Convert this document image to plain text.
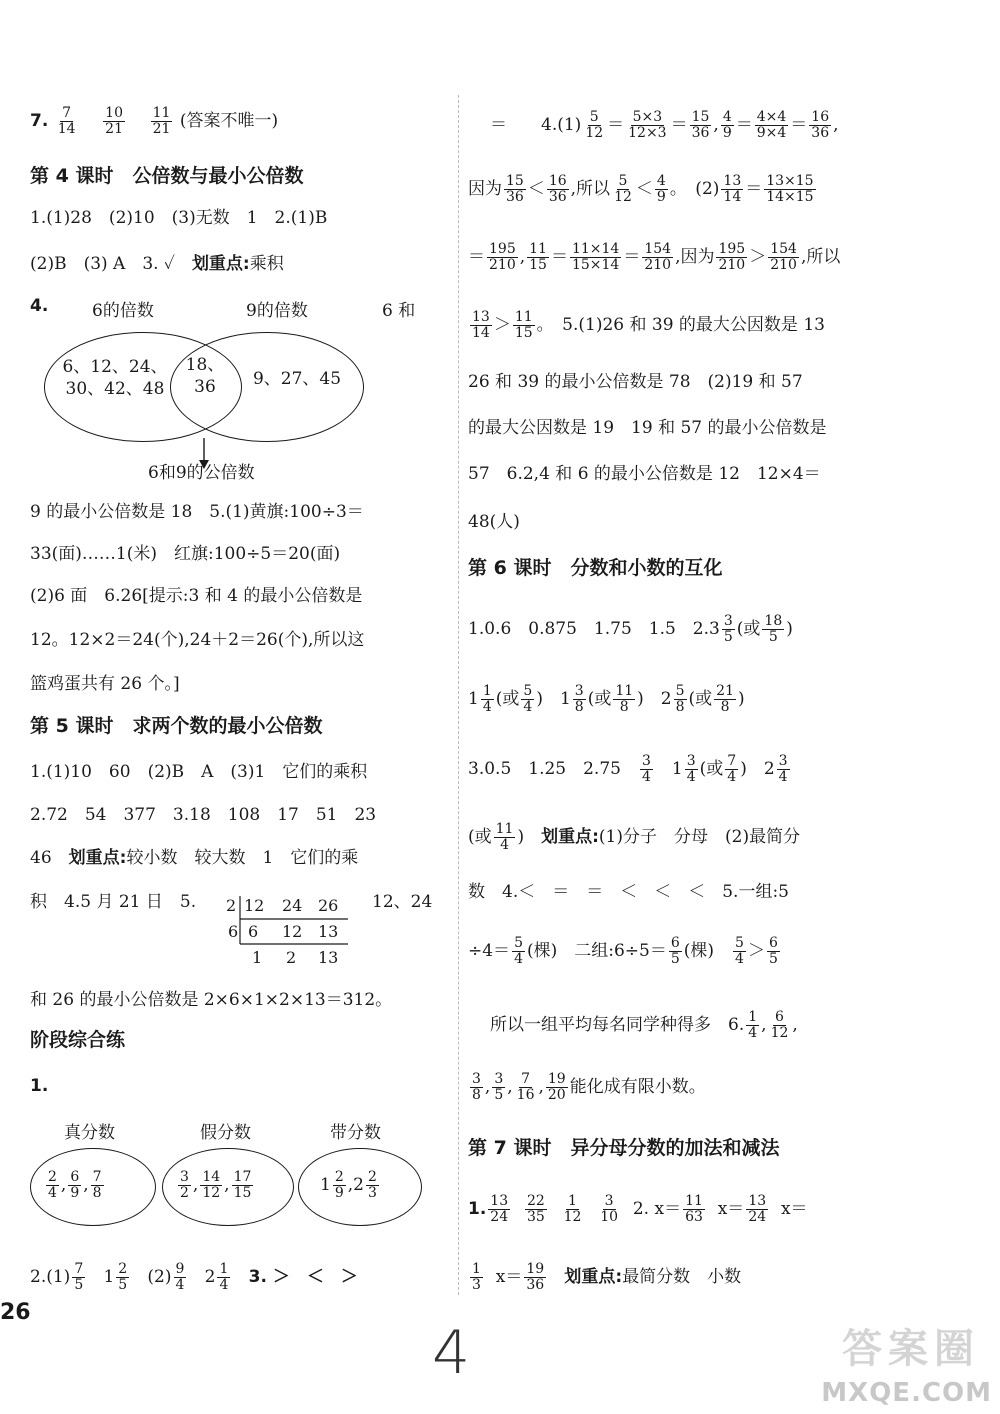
7. $\frac{7}{14}$
$\frac{10}{21}$
$\frac{11}{21}$ (答案不唯一)
第 4 课时　公倍数与最小公倍数
1.(1)28　(2)10　(3)无数　1　2.(1)B
(2)B　(3) A　3. ✓　划重点:乘积
4.	6的倍数	9的倍数	6 和
6、12、24、
30、42、48
18、
36	9、27、45
6和9的公倍数
9 的最小公倍数是 18　5.(1)黄旗:100÷3＝
33(面)……1(米)　红旗:100÷5＝20(面)
(2)6 面　6.26[提示:3 和 4 的最小公倍数是
12。12×2＝24(个),24＋2＝26(个),所以这
篮鸡蛋共有 26 个。]
第 5 课时　求两个数的最小公倍数
1.(1)10　60　(2)B　A　(3)1　它们的乘积
2.72　54　377　3.18　108　17　51　23
46　划重点:较小数　较大数　1　它们的乘
积　4.5 月 21 日　5. 2 12 24 26
6 6 12 13
1 2 13
12、24
和 26 的最小公倍数是 2×6×1×2×13＝312。
阶段综合练
1.
真分数	假分数	带分数
$\frac{2}{4}$ , $\frac{6}{9}$ , $\frac{7}{8}$	$\frac{3}{2}$ , $\frac{14}{12}$ , $\frac{17}{15}$	$1 \frac{2}{9} ,2 \frac{2}{3}$
$2.(1) \frac{7}{5} 1 \frac{2}{5} (2) \frac{9}{4} 2 \frac{1}{4} 3$. ＞　＜　＞
＝　　$4.(1) \frac{5}{12} = \frac{5\times 3}{12\times 3} = \frac{15}{36}$ , $\frac{4}{9} = \frac{4\times 4}{9\times 4} = \frac{16}{36}$ ,
因为 $\frac{15}{36} < \frac{16}{36}$ ,所以 $\frac{5}{12} < \frac{4}{9}$ 。　$(2) \frac{13}{14} = \frac{13\times 15}{14\times 15}$
＝ $\frac{195}{210}$ , $\frac{11}{15} = \frac{11\times 14}{15\times 14} = \frac{154}{210}$ ,因为 $\frac{195}{210} > \frac{154}{210}$ ,所以
$\frac{13}{14} > \frac{11}{15}$ 。　5.(1)26 和 39 的最大公因数是 13
26 和 39 的最小公倍数是 78　(2)19 和 57
的最大公因数是 19　19 和 57 的最小公倍数是
57　6.2,4 和 6 的最小公倍数是 12　12×4＝
48(人)
第 6 课时　分数和小数的互化
1.0.6　0.875　1.75　1.5　$2.3 \frac{3}{5}$ (或 $\frac{18}{5}$ )
$1 \frac{1}{4}$ (或 $\frac{5}{4}$ )　$1 \frac{3}{8}$ (或 $\frac{11}{8}$ )　$2 \frac{5}{8}$ (或 $\frac{21}{8}$ )
3.0.5　1.25　2.75　 $\frac{3}{4}$ 　$1 \frac{3}{4}$ (或 $\frac{7}{4}$ )　$2 \frac{3}{4}$
(或 $\frac{11}{4}$ )　划重点:(1)分子　分母　(2)最简分
数　4.＜　＝　＝　＜　＜　＜　5.一组:5
$\div 4= \frac{5}{4}$ (棵)　二组:6÷5＝ $\frac{6}{5}$ (棵)　 $\frac{5}{4} > \frac{6}{5}$
所以一组平均每名同学种得多　6. $\frac{1}{4}$ , $\frac{6}{12}$ ,
$\frac{3}{8}$ , $\frac{3}{5}$ , $\frac{7}{16}$ , $\frac{19}{20}$ 能化成有限小数。
第 7 课时　异分母分数的加法和减法
1. $\frac{13}{24}$
$\frac{22}{35}$
$\frac{1}{12}$
$\frac{3}{10} 2$. $x= \frac{11}{63} x= \frac{13}{24} x=$
$\frac{1}{3} x= \frac{19}{36}$ 划重点:最简分数　小数
26
4	答案圈
MXQE.COM
